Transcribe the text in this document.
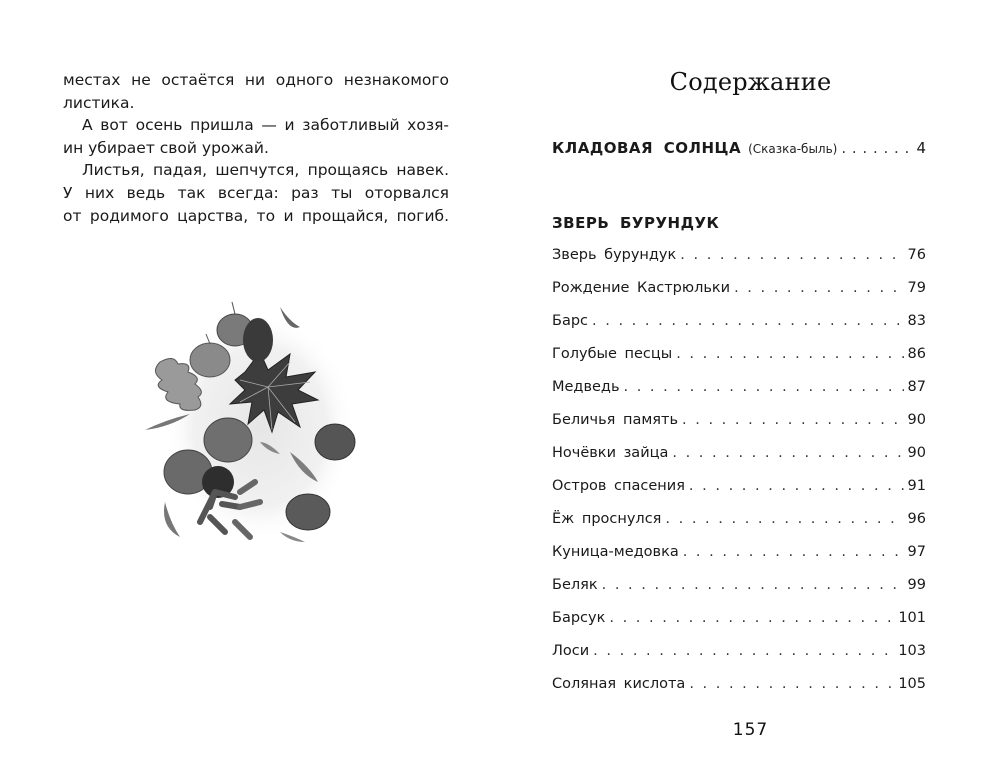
местах не остаётся ни одного незнакомого
листика.

А вот осень пришла — и заботливый хозя-
ин убирает свой урожай.

Листья, падая, шепчутся, прощаясь навек.
У них ведь так всегда: раз ты оторвался
от родимого царства, то и прощайся, погиб.

Содержание
КЛАДОВАЯ СОЛНЦА (Сказка-быль) . . .	4
ЗВЕРЬ БУРУНДУК
Зверь бурундук . . .	76
Рождение Кастрюльки . . .	79
Барс . . .	83
Голубые песцы . . .	86
Медведь . . .	87
Беличья память . . .	90
Ночёвки зайца . . .	90
Остров спасения . . .	91
Ёж проснулся . . .	96
Куница-медовка . . .	97
Беляк . . .	99
Барсук . . .	101
Лоси . . .	103
Соляная кислота . . .	105
157
